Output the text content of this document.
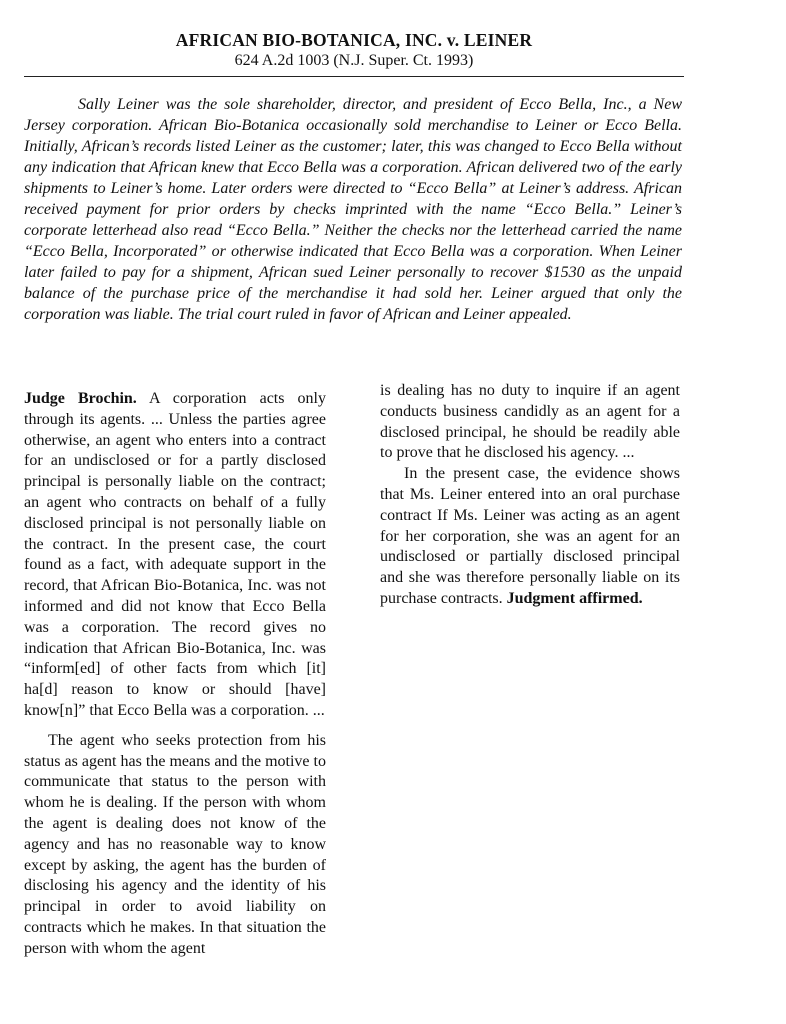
AFRICAN BIO-BOTANICA, INC. v. LEINER
624 A.2d 1003 (N.J. Super. Ct. 1993)

Sally Leiner was the sole shareholder, director, and president of Ecco Bella, Inc., a New Jersey corporation. African Bio-Botanica occasionally sold merchandise to Leiner or Ecco Bella. Initially, African’s records listed Leiner as the customer; later, this was changed to Ecco Bella without any indication that African knew that Ecco Bella was a corporation. African delivered two of the early shipments to Leiner’s home. Later orders were directed to “Ecco Bella” at Leiner’s address. African received payment for prior orders by checks imprinted with the name “Ecco Bella.” Leiner’s corporate letterhead also read “Ecco Bella.” Neither the checks nor the letterhead carried the name “Ecco Bella, Incorporated” or otherwise indicated that Ecco Bella was a corporation. When Leiner later failed to pay for a shipment, African sued Leiner personally to recover $1530 as the unpaid balance of the purchase price of the merchandise it had sold her. Leiner argued that only the corporation was liable. The trial court ruled in favor of African and Leiner appealed.

Judge Brochin. A corporation acts only through its agents. ... Unless the parties agree otherwise, an agent who enters into a contract for an undisclosed or for a partly disclosed principal is personally liable on the contract; an agent who contracts on behalf of a fully disclosed principal is not personally liable on the contract. In the present case, the court found as a fact, with adequate support in the record, that African Bio-Botanica, Inc. was not informed and did not know that Ecco Bella was a corporation. The record gives no indication that African Bio-Botanica, Inc. was “inform[ed] of other facts from which [it] ha[d] reason to know or should [have] know[n]” that Ecco Bella was a corporation. ...

The agent who seeks protection from his status as agent has the means and the motive to communicate that status to the person with whom he is dealing. If the person with whom the agent is dealing does not know of the agency and has no reasonable way to know except by asking, the agent has the burden of disclosing his agency and the identity of his principal in order to avoid liability on contracts which he makes. In that situation the person with whom the agent

is dealing has no duty to inquire if an agent conducts business candidly as an agent for a disclosed principal, he should be readily able to prove that he disclosed his agency. ...

In the present case, the evidence shows that Ms. Leiner entered into an oral purchase contract If Ms. Leiner was acting as an agent for her corporation, she was an agent for an undisclosed or partially disclosed principal and she was therefore personally liable on its purchase contracts. Judgment affirmed.
